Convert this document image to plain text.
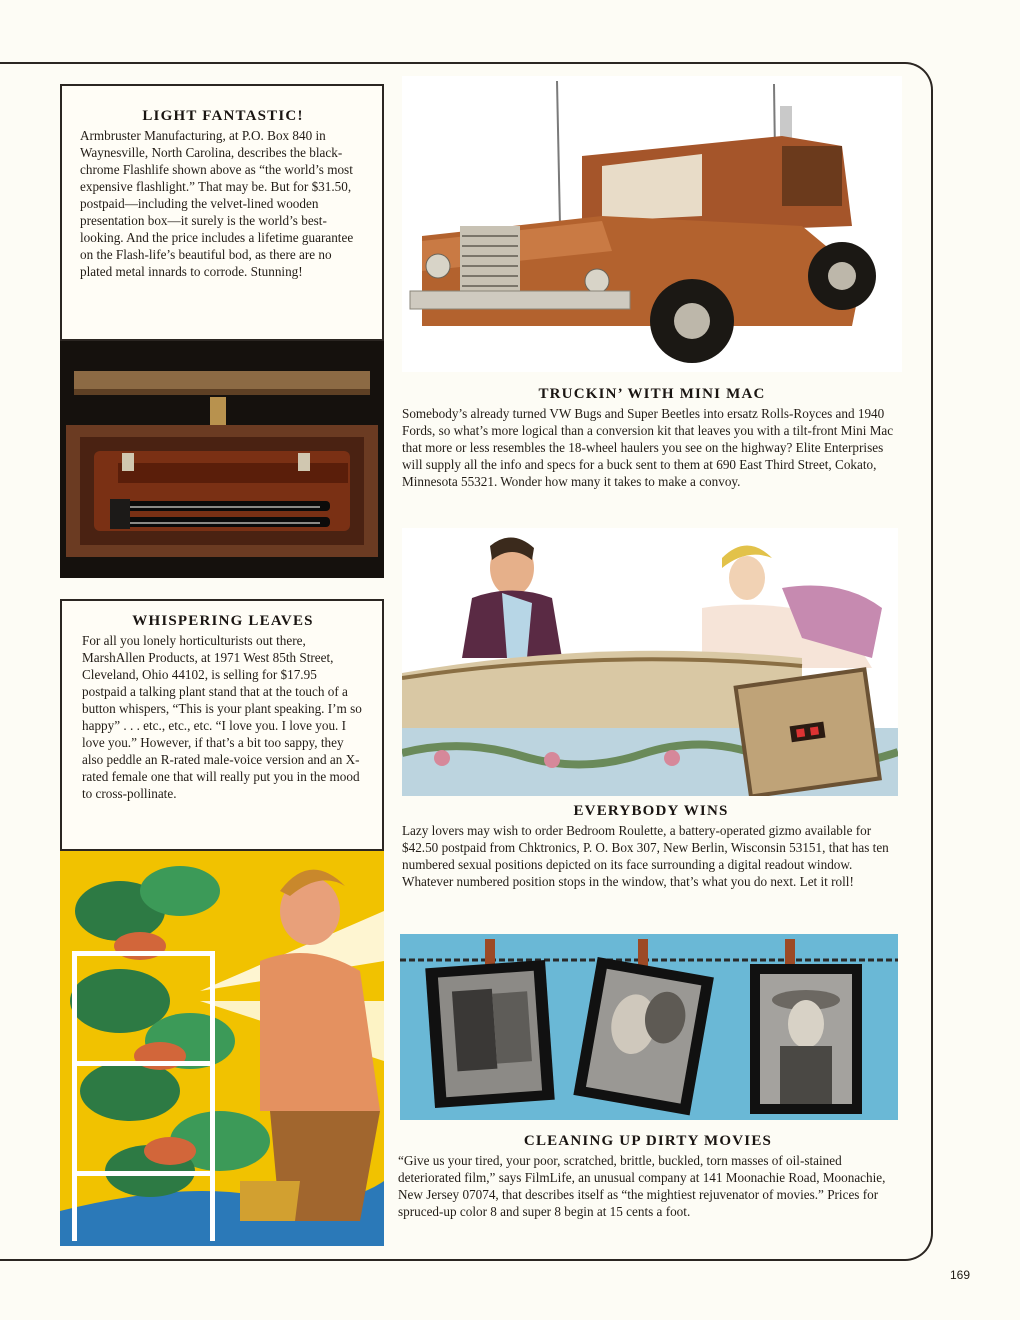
LIGHT FANTASTIC!

Armbruster Manufacturing, at P.O. Box 840 in Waynesville, North Carolina, describes the black-chrome Flashlife shown above as “the world’s most expensive flashlight.” That may be. But for $31.50, postpaid—including the velvet-lined wooden presentation box—it surely is the world’s best-looking. And the price includes a lifetime guarantee on the Flash-life’s beautiful bod, as there are no plated metal innards to corrode. Stunning!

WHISPERING LEAVES

For all you lonely horticulturists out there, MarshAllen Products, at 1971 West 85th Street, Cleveland, Ohio 44102, is selling for $17.95 postpaid a talking plant stand that at the touch of a button whispers, “This is your plant speaking. I’m so happy” . . . etc., etc., etc. “I love you. I love you. I love you.” However, if that’s a bit too sappy, they also peddle an R-rated male-voice version and an X-rated female one that will really put you in the mood to cross-pollinate.

TRUCKIN’ WITH MINI MAC

Somebody’s already turned VW Bugs and Super Beetles into ersatz Rolls-Royces and 1940 Fords, so what’s more logical than a conversion kit that leaves you with a tilt-front Mini Mac that more or less resembles the 18-wheel haulers you see on the highway? Elite Enterprises will supply all the info and specs for a buck sent to them at 690 East Third Street, Cokato, Minnesota 55321. Wonder how many it takes to make a convoy.

EVERYBODY WINS

Lazy lovers may wish to order Bedroom Roulette, a battery-operated gizmo available for $42.50 postpaid from Chktronics, P. O. Box 307, New Berlin, Wisconsin 53151, that has ten numbered sexual positions depicted on its face surrounding a digital readout window. Whatever numbered position stops in the window, that’s what you do next. Let it roll!

CLEANING UP DIRTY MOVIES

“Give us your tired, your poor, scratched, brittle, buckled, torn masses of oil-stained deteriorated film,” says FilmLife, an unusual company at 141 Moonachie Road, Moonachie, New Jersey 07074, that describes itself as “the mightiest rejuvenator of movies.” Prices for spruced-up color 8 and super 8 begin at 15 cents a foot.

169
